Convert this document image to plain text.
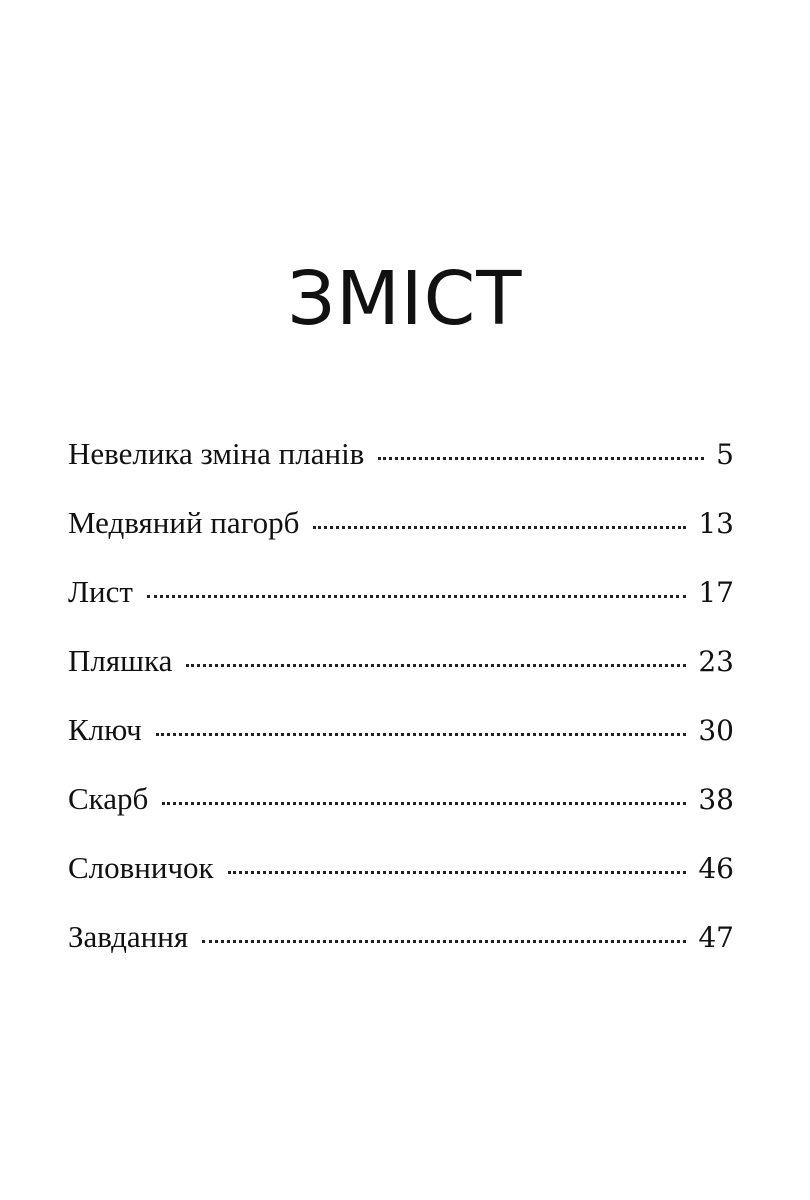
ЗМІСТ
Невелика зміна планів	5
Медвяний пагорб	13
Лист	17
Пляшка	23
Ключ	30
Скарб	38
Словничок	46
Завдання	47
